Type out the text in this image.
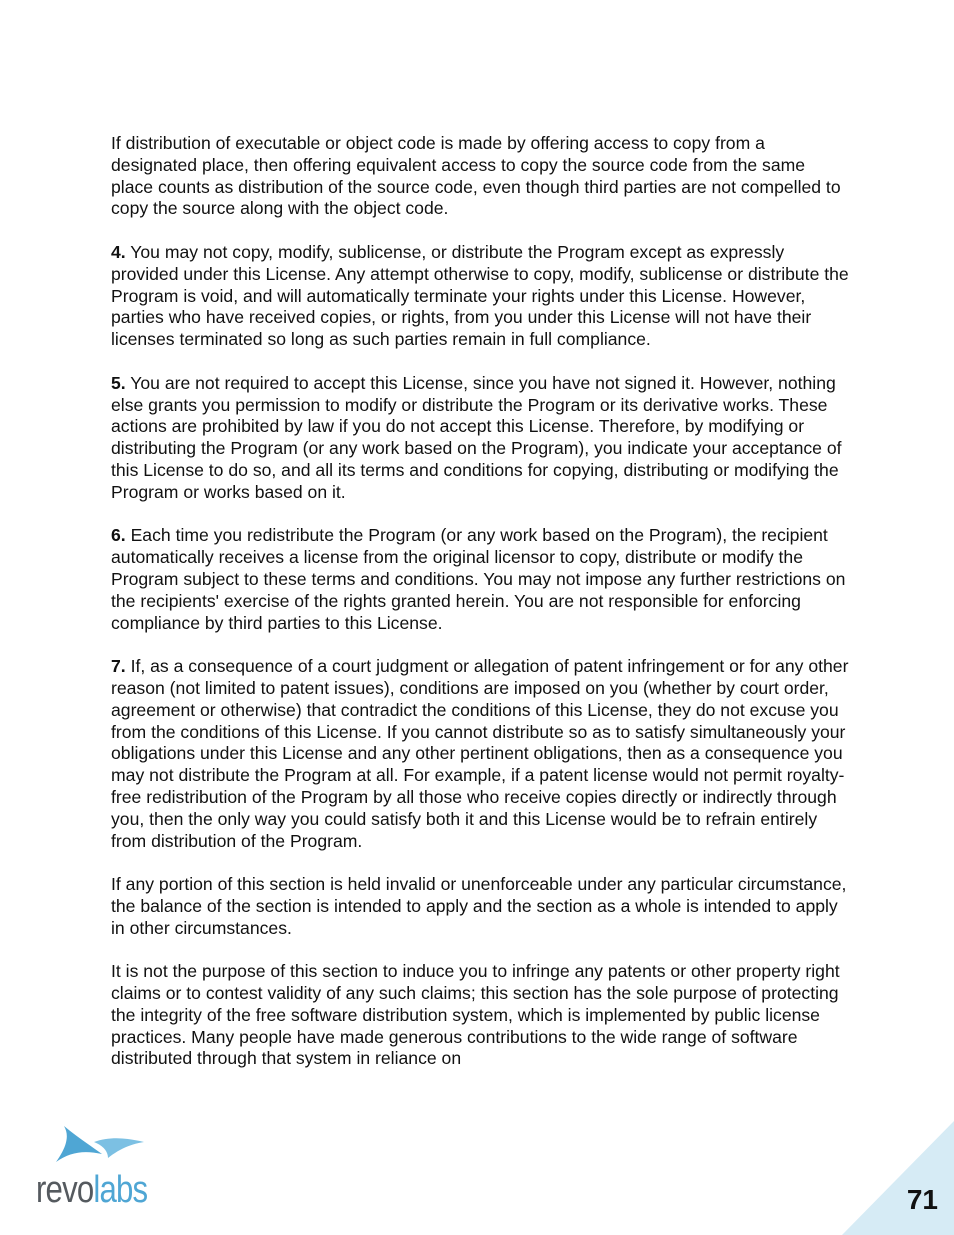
If distribution of executable or object code is made by offering access to copy from a designated place, then offering equivalent access to copy the source code from the same place counts as distribution of the source code, even though third parties are not compelled to copy the source along with the object code.

4. You may not copy, modify, sublicense, or distribute the Program except as expressly provided under this License. Any attempt otherwise to copy, modify, sublicense or distribute the Program is void, and will automatically terminate your rights under this License. However, parties who have received copies, or rights, from you under this License will not have their licenses terminated so long as such parties remain in full compliance.

5. You are not required to accept this License, since you have not signed it. However, nothing else grants you permission to modify or distribute the Program or its derivative works. These actions are prohibited by law if you do not accept this License. Therefore, by modifying or distributing the Program (or any work based on the Program), you indicate your acceptance of this License to do so, and all its terms and conditions for copying, distributing or modifying the Program or works based on it.

6. Each time you redistribute the Program (or any work based on the Program), the recipient automatically receives a license from the original licensor to copy, distribute or modify the Program subject to these terms and conditions. You may not impose any further restrictions on the recipients' exercise of the rights granted herein. You are not responsible for enforcing compliance by third parties to this License.

7. If, as a consequence of a court judgment or allegation of patent infringement or for any other reason (not limited to patent issues), conditions are imposed on you (whether by court order, agreement or otherwise) that contradict the conditions of this License, they do not excuse you from the conditions of this License. If you cannot distribute so as to satisfy simultaneously your obligations under this License and any other pertinent obligations, then as a consequence you may not distribute the Program at all. For example, if a patent license would not permit royalty-free redistribution of the Program by all those who receive copies directly or indirectly through you, then the only way you could satisfy both it and this License would be to refrain entirely from distribution of the Program.

If any portion of this section is held invalid or unenforceable under any particular circumstance, the balance of the section is intended to apply and the section as a whole is intended to apply in other circumstances.

It is not the purpose of this section to induce you to infringe any patents or other property right claims or to contest validity of any such claims; this section has the sole purpose of protecting the integrity of the free software distribution system, which is implemented by public license practices. Many people have made generous contributions to the wide range of software distributed through that system in reliance on

revolabs	71
